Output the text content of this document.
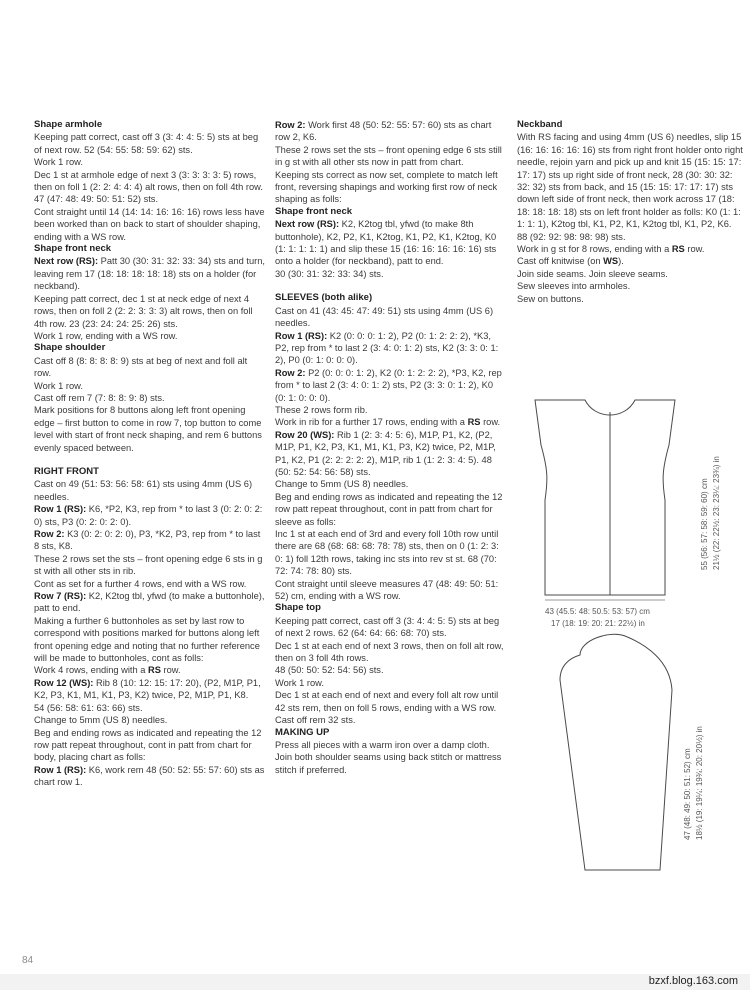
Shape armhole

Keeping patt correct, cast off 3 (3: 4: 4: 5: 5) sts at beg of next row. 52 (54: 55: 58: 59: 62) sts.

Work 1 row.

Dec 1 st at armhole edge of next 3 (3: 3: 3: 3: 5) rows, then on foll 1 (2: 2: 4: 4: 4) alt rows, then on foll 4th row. 47 (47: 48: 49: 50: 51: 52) sts.

Cont straight until 14 (14: 14: 16: 16: 16) rows less have been worked than on back to start of shoulder shaping, ending with a WS row.

Shape front neck

Next row (RS): Patt 30 (30: 31: 32: 33: 34) sts and turn, leaving rem 17 (18: 18: 18: 18: 18) sts on a holder (for neckband).

Keeping patt correct, dec 1 st at neck edge of next 4 rows, then on foll 2 (2: 2: 3: 3: 3) alt rows, then on foll 4th row. 23 (23: 24: 24: 25: 26) sts.

Work 1 row, ending with a WS row.

Shape shoulder

Cast off 8 (8: 8: 8: 8: 9) sts at beg of next and foll alt row.

Work 1 row.

Cast off rem 7 (7: 8: 8: 9: 8) sts.

Mark positions for 8 buttons along left front opening edge – first button to come in row 7, top button to come level with start of front neck shaping, and rem 6 buttons evenly spaced between.

RIGHT FRONT

Cast on 49 (51: 53: 56: 58: 61) sts using 4mm (US 6) needles.

Row 1 (RS): K6, *P2, K3, rep from * to last 3 (0: 2: 0: 2: 0) sts, P3 (0: 2: 0: 2: 0).

Row 2: K3 (0: 2: 0: 2: 0), P3, *K2, P3, rep from * to last 8 sts, K8.

These 2 rows set the sts – front opening edge 6 sts in g st with all other sts in rib.

Cont as set for a further 4 rows, end with a WS row.

Row 7 (RS): K2, K2tog tbl, yfwd (to make a buttonhole), patt to end.

Making a further 6 buttonholes as set by last row to correspond with positions marked for buttons along left front opening edge and noting that no further reference will be made to buttonholes, cont as folls:

Work 4 rows, ending with a RS row.

Row 12 (WS): Rib 8 (10: 12: 15: 17: 20), (P2, M1P, P1, K2, P3, K1, M1, K1, P3, K2) twice, P2, M1P, P1, K8.

54 (56: 58: 61: 63: 66) sts.

Change to 5mm (US 8) needles.

Beg and ending rows as indicated and repeating the 12 row patt repeat throughout, cont in patt from chart for body, placing chart as folls:

Row 1 (RS): K6, work rem 48 (50: 52: 55: 57: 60) sts as chart row 1.

Row 2: Work first 48 (50: 52: 55: 57: 60) sts as chart row 2, K6.

These 2 rows set the sts – front opening edge 6 sts still in g st with all other sts now in patt from chart.

Keeping sts correct as now set, complete to match left front, reversing shapings and working first row of neck shaping as folls:

Shape front neck

Next row (RS): K2, K2tog tbl, yfwd (to make 8th buttonhole), K2, P2, K1, K2tog, K1, P2, K1, K2tog, K0 (1: 1: 1: 1: 1) and slip these 15 (16: 16: 16: 16: 16) sts onto a holder (for neckband), patt to end.

30 (30: 31: 32: 33: 34) sts.

SLEEVES (both alike)

Cast on 41 (43: 45: 47: 49: 51) sts using 4mm (US 6) needles.

Row 1 (RS): K2 (0: 0: 0: 1: 2), P2 (0: 1: 2: 2: 2), *K3, P2, rep from * to last 2 (3: 4: 0: 1: 2) sts, K2 (3: 3: 0: 1: 2), P0 (0: 1: 0: 0: 0).

Row 2: P2 (0: 0: 0: 1: 2), K2 (0: 1: 2: 2: 2), *P3, K2, rep from * to last 2 (3: 4: 0: 1: 2) sts, P2 (3: 3: 0: 1: 2), K0 (0: 1: 0: 0: 0).

These 2 rows form rib.

Work in rib for a further 17 rows, ending with a RS row.

Row 20 (WS): Rib 1 (2: 3: 4: 5: 6), M1P, P1, K2, (P2, M1P, P1, K2, P3, K1, M1, K1, P3, K2) twice, P2, M1P, P1, K2, P1 (2: 2: 2: 2: 2), M1P, rib 1 (1: 2: 3: 4: 5). 48 (50: 52: 54: 56: 58) sts.

Change to 5mm (US 8) needles.

Beg and ending rows as indicated and repeating the 12 row patt repeat throughout, cont in patt from chart for sleeve as folls:

Inc 1 st at each end of 3rd and every foll 10th row until there are 68 (68: 68: 68: 78: 78) sts, then on 0 (1: 2: 3: 0: 1) foll 12th rows, taking inc sts into rev st st. 68 (70: 72: 74: 78: 80) sts.

Cont straight until sleeve measures 47 (48: 49: 50: 51: 52) cm, ending with a WS row.

Shape top

Keeping patt correct, cast off 3 (3: 4: 4: 5: 5) sts at beg of next 2 rows. 62 (64: 64: 66: 68: 70) sts.

Dec 1 st at each end of next 3 rows, then on foll alt row, then on 3 foll 4th rows.

48 (50: 50: 52: 54: 56) sts.

Work 1 row.

Dec 1 st at each end of next and every foll alt row until 42 sts rem, then on foll 5 rows, ending with a WS row. Cast off rem 32 sts.

MAKING UP

Press all pieces with a warm iron over a damp cloth.

Join both shoulder seams using back stitch or mattress stitch if preferred.

Neckband

With RS facing and using 4mm (US 6) needles, slip 15 (16: 16: 16: 16: 16) sts from right front holder onto right needle, rejoin yarn and pick up and knit 15 (15: 15: 17: 17: 17) sts up right side of front neck, 28 (30: 30: 32: 32: 32) sts from back, and 15 (15: 15: 17: 17: 17) sts down left side of front neck, then work across 17 (18: 18: 18: 18: 18) sts on left front holder as folls: K0 (1: 1: 1: 1: 1), K2tog tbl, K1, P2, K1, K2tog tbl, K1, P2, K6.

88 (92: 92: 98: 98: 98) sts.

Work in g st for 8 rows, ending with a RS row.

Cast off knitwise (on WS).

Join side seams. Join sleeve seams.

Sew sleeves into armholes.

Sew on buttons.

43 (45.5: 48: 50.5: 53: 57) cm
17 (18: 19: 20: 21: 22½) in
55 (56: 57: 58: 59: 60) cm 21½ (22: 22½: 23: 23¼: 23¾) in
47 (48: 49: 50: 51: 52) cm 18½ (19: 19¼: 19¾: 20: 20½) in
84
bzxf.blog.163.com
